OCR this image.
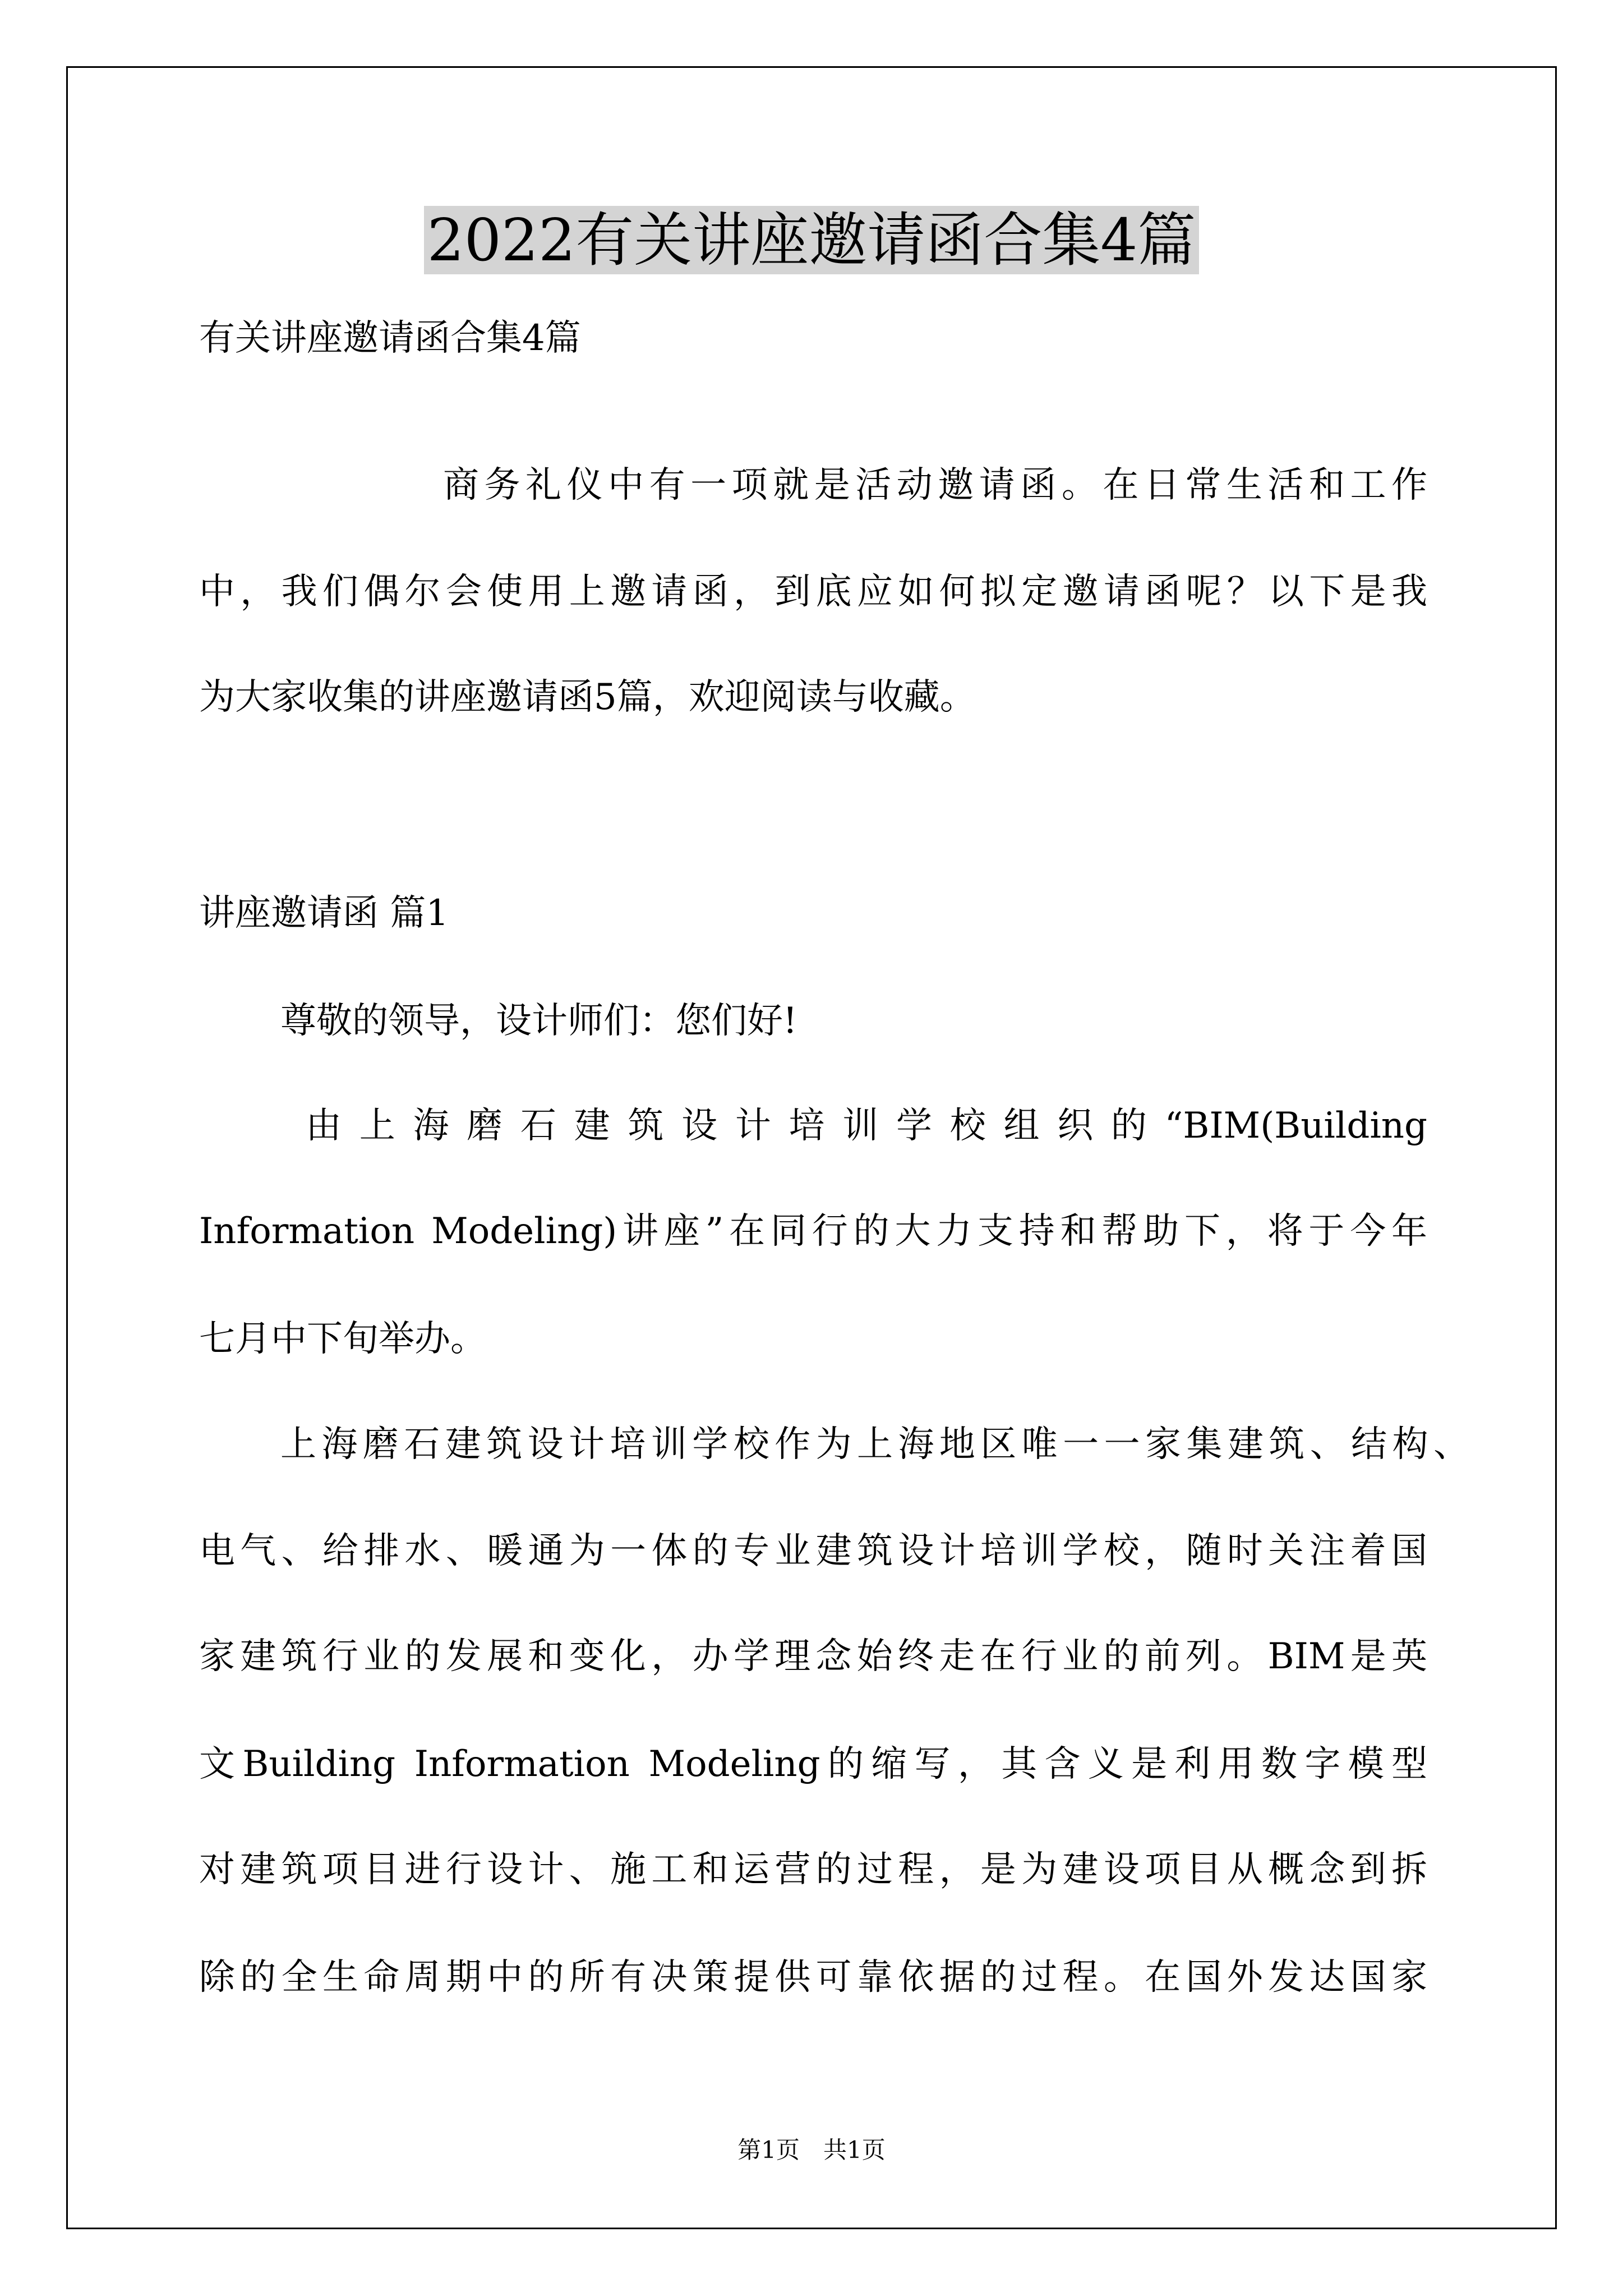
2022有关讲座邀请函合集4篇
有关讲座邀请函合集4篇
商务礼仪中有一项就是活动邀请函。在日常生活和工作
中，我们偶尔会使用上邀请函，到底应如何拟定邀请函呢？以下是我
为大家收集的讲座邀请函5篇，欢迎阅读与收藏。
讲座邀请函 篇1
尊敬的领导，设计师们：您们好!
由上海磨石建筑设计培训学校组织的“BIM(Building
Information Modeling)讲座”在同行的大力支持和帮助下，将于今年
七月中下旬举办。
上海磨石建筑设计培训学校作为上海地区唯一一家集建筑、结构、
电气、给排水、暖通为一体的专业建筑设计培训学校，随时关注着国
家建筑行业的发展和变化，办学理念始终走在行业的前列。BIM是英
文Building Information Modeling的缩写，其含义是利用数字模型
对建筑项目进行设计、施工和运营的过程，是为建设项目从概念到拆
除的全生命周期中的所有决策提供可靠依据的过程。在国外发达国家
第1页　共1页
